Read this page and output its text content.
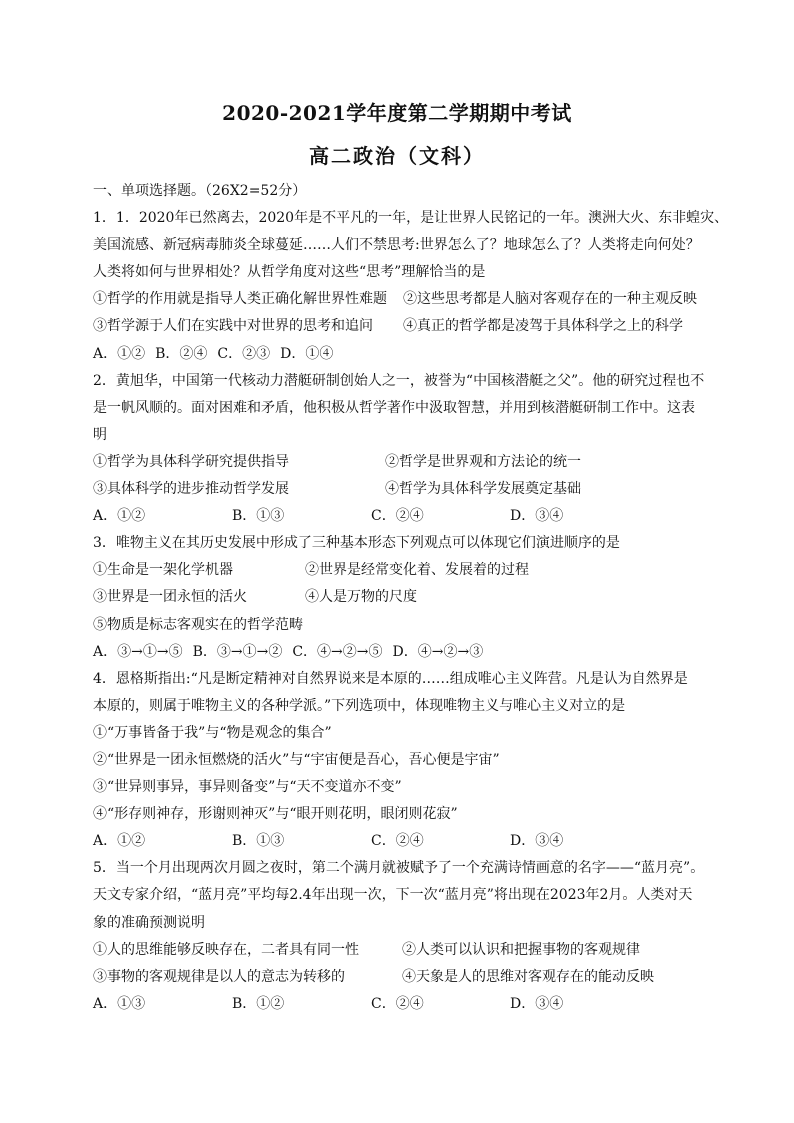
2020-2021学年度第二学期期中考试
高二政治（文科）
一、单项选择题。（26X2=52分）
1．1．2020年已然离去，2020年是不平凡的一年，是让世界人民铭记的一年。澳洲大火、东非蝗灾、
美国流感、新冠病毒肺炎全球蔓延……人们不禁思考:世界怎么了？地球怎么了？人类将走向何处？
人类将如何与世界相处？从哲学角度对这些“思考”理解恰当的是
①哲学的作用就是指导人类正确化解世界性难题	②这些思考都是人脑对客观存在的一种主观反映
③哲学源于人们在实践中对世界的思考和追问	④真正的哲学都是凌驾于具体科学之上的科学
A．①② B．②④ C．②③ D．①④
2．黄旭华，中国第一代核动力潜艇研制创始人之一，被誉为“中国核潜艇之父”。他的研究过程也不
是一帆风顺的。面对困难和矛盾，他积极从哲学著作中汲取智慧，并用到核潜艇研制工作中。这表
明
①哲学为具体科学研究提供指导	②哲学是世界观和方法论的统一
③具体科学的进步推动哲学发展	④哲学为具体科学发展奠定基础
A．①②	B．①③	C．②④	D．③④
3．唯物主义在其历史发展中形成了三种基本形态下列观点可以体现它们演进顺序的是
①生命是一架化学机器	②世界是经常变化着、发展着的过程
③世界是一团永恒的活火	④人是万物的尺度
⑤物质是标志客观实在的哲学范畴
A．③→①→⑤ B．③→①→② C．④→②→⑤ D．④→②→③
4．恩格斯指出:“凡是断定精神对自然界说来是本原的……组成唯心主义阵营。凡是认为自然界是
本原的，则属于唯物主义的各种学派。”下列选项中，体现唯物主义与唯心主义对立的是
①“万事皆备于我”与“物是观念的集合”
②“世界是一团永恒燃烧的活火”与“宇宙便是吾心，吾心便是宇宙”
③“世异则事异，事异则备变”与“天不变道亦不变”
④“形存则神存，形谢则神灭”与“眼开则花明，眼闭则花寂”
A．①②	B．①③	C．②④	D．③④
5．当一个月出现两次月圆之夜时，第二个满月就被赋予了一个充满诗情画意的名字——“蓝月亮”。
天文专家介绍，“蓝月亮”平均每2.4年出现一次，下一次“蓝月亮”将出现在2023年2月。人类对天
象的准确预测说明
①人的思维能够反映存在，二者具有同一性	②人类可以认识和把握事物的客观规律
③事物的客观规律是以人的意志为转移的	④天象是人的思维对客观存在的能动反映
A．①③	B．①②	C．②④	D．③④
